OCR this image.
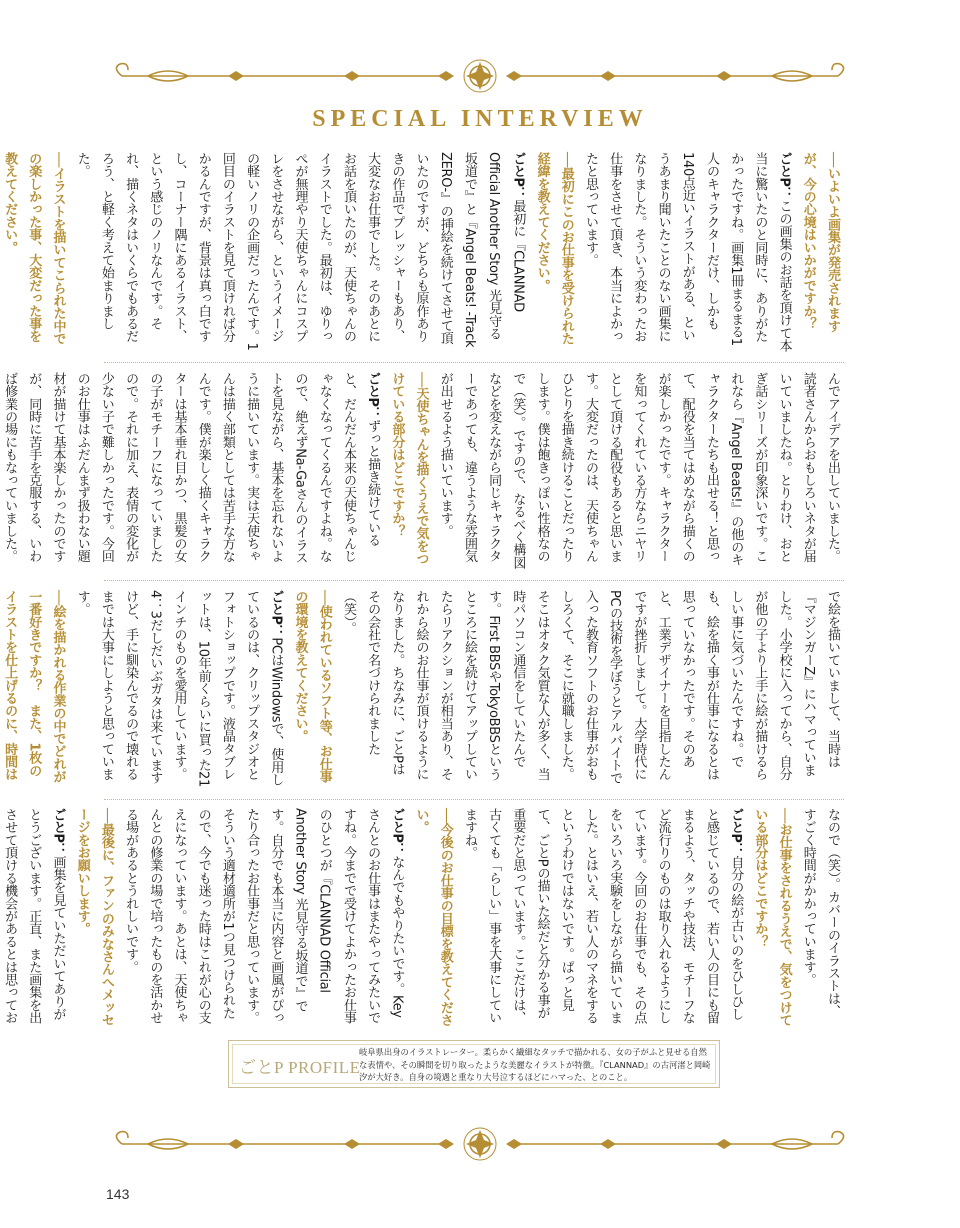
SPECIAL INTERVIEW

──いよいよ画集が発売されますが、今の心境はいかがですか？

ごとP：この画集のお話を頂けて本当に驚いたのと同時に、ありがたかったですね。画集1冊まるまる1人のキャラクターだけ、しかも140点近いイラストがある、というあまり聞いたことのない画集になりました。そういう変わったお仕事をさせて頂き、本当によかったと思っています。

──最初にこのお仕事を受けられた経緯を教えてください。

ごとP：最初に『CLANNAD Official Another Story 光見守る坂道で』と『Angel Beats! -Track ZERO-』の挿絵を続けてさせて頂いたのですが、どちらも原作ありきの作品でプレッシャーもあり、大変なお仕事でした。そのあとにお話を頂いたのが、天使ちゃんのイラストでした。最初は、ゆりっぺが無理やり天使ちゃんにコスプレをさせながら、というイメージの軽いノリの企画だったんです。1回目のイラストを見て頂ければ分かるんですが、背景は真っ白ですし、コーナー隅にあるイラスト、という感じのノリなんです。それ、描くネタはいくらでもあるだろう、と軽く考えて始まりました。

──イラストを描いてこられた中での楽しかった事、大変だった事を教えてください。

んでアイデアを出していました。読者さんからおもしろいネタが届いていましたね。とりわけ、おとぎ話シリーズが印象深いです。これなら『Angel Beats!』の他のキャラクターたちも出せる！と思って、配役を当てはめながら描くのが楽しかったです。キャラクターを知ってくれている方ならニヤリとして頂ける配役もあると思います。大変だったのは、天使ちゃんひとりを描き続けることだったりします。僕は飽きっぽい性格なので（笑）。ですので、なるべく構図などを変えながら同じキャラクターであっても、違うような雰囲気が出せるよう描いています。

──天使ちゃんを描くうえで気をつけている部分はどこですか？

ごとP：ずっと描き続けていると、だんだん本来の天使ちゃんじゃなくなってくるんですよね。なので、絶えずNa-Gaさんのイラストを見ながら、基本を忘れないように描いています。実は天使ちゃんは描く部類としては苦手な方なんです。僕が楽しく描くキャラクターは基本垂れ目かつ、黒髪の女の子がモチーフになっていましたので。それに加え、表情の変化が少ない子で難しかったです。今回のお仕事はふだんまず扱わない題材が描けて基本楽しかったのですが、同時に苦手を克服する、いわば修業の場にもなっていました。

で絵を描いていまして、当時は『マジンガーZ』にハマっていました。小学校に入ってから、自分が他の子より上手に絵が描けるらしい事に気づいたんですね。でも、絵を描く事が仕事になるとは思っていなかったです。そのあと、工業デザイナーを目指したんですが挫折しまして。大学時代にPCの技術を学ぼうとアルバイトで入った教育ソフトのお仕事がおもしろくて、そこに就職しました。そこはオタク気質な人が多く、当時パソコン通信をしていたんです。First BBSやTokyoBBSというところに絵を続けてアップしていたらリアクションが相当あり、それから絵のお仕事が頂けるようになりました。ちなみに、ごとPはその会社で名づけられました（笑）。

──使われているソフト等、お仕事の環境を教えてください。

ごとP：PCはWindowsで、使用しているのは、クリップスタジオとフォトショップです。液晶タブレットは、10年前くらいに買った21インチのものを愛用しています。4：3だしだいぶガタは来ていますけど、手に馴染んでるので壊れるまでは大事にしようと思っています。

──絵を描かれる作業の中でどれが一番好きですか？　また、1枚のイラストを仕上げるのに、時間は

なので（笑）。カバーのイラストは、すごく時間がかかっています。

──お仕事をされるうえで、気をつけている部分はどこですか？

ごとP：自分の絵が古いのをひしひしと感じているので、若い人の目にも留まるよう、タッチや技法、モチーフなど流行りのものは取り入れるようにしています。今回のお仕事でも、その点をいろいろ実験をしながら描いていました。とはいえ、若い人のマネをするというわけではないです。ぱっと見て、ごとPの描いた絵だと分かる事が重要だと思っています。ここだけは、古くても「らしい」事を大事にしていますね。

──今後のお仕事の目標を教えてください。

ごとP：なんでもやりたいです。Keyさんとのお仕事はまたやってみたいですね。今までで受けてよかったお仕事のひとつが『CLANNAD Official Another Story 光見守る坂道で』です。自分でも本当に内容と画風がぴったり合ったお仕事だと思っています。そういう適材適所が1つ見つけられたので、今でも迷った時はこれが心の支えになっています。あとは、天使ちゃんとの修業の場で培ったものを活かせる場があるとうれしいです。

──最後に、ファンのみなさんへメッセージをお願いします。

ごとP：画集を見ていただいてありがとうございます。正直、また画集を出させて頂ける機会があるとは思ってお

ごとP PROFILE
岐阜県出身のイラストレーター。柔らかく繊細なタッチで描かれる、女の子がふと見せる自然な表情や、その瞬間を切り取ったような美麗なイラストが特徴。『CLANNAD』の古河渚と岡崎汐が大好き。自身の境遇と重なり大号泣するほどにハマった、とのこと。

143
